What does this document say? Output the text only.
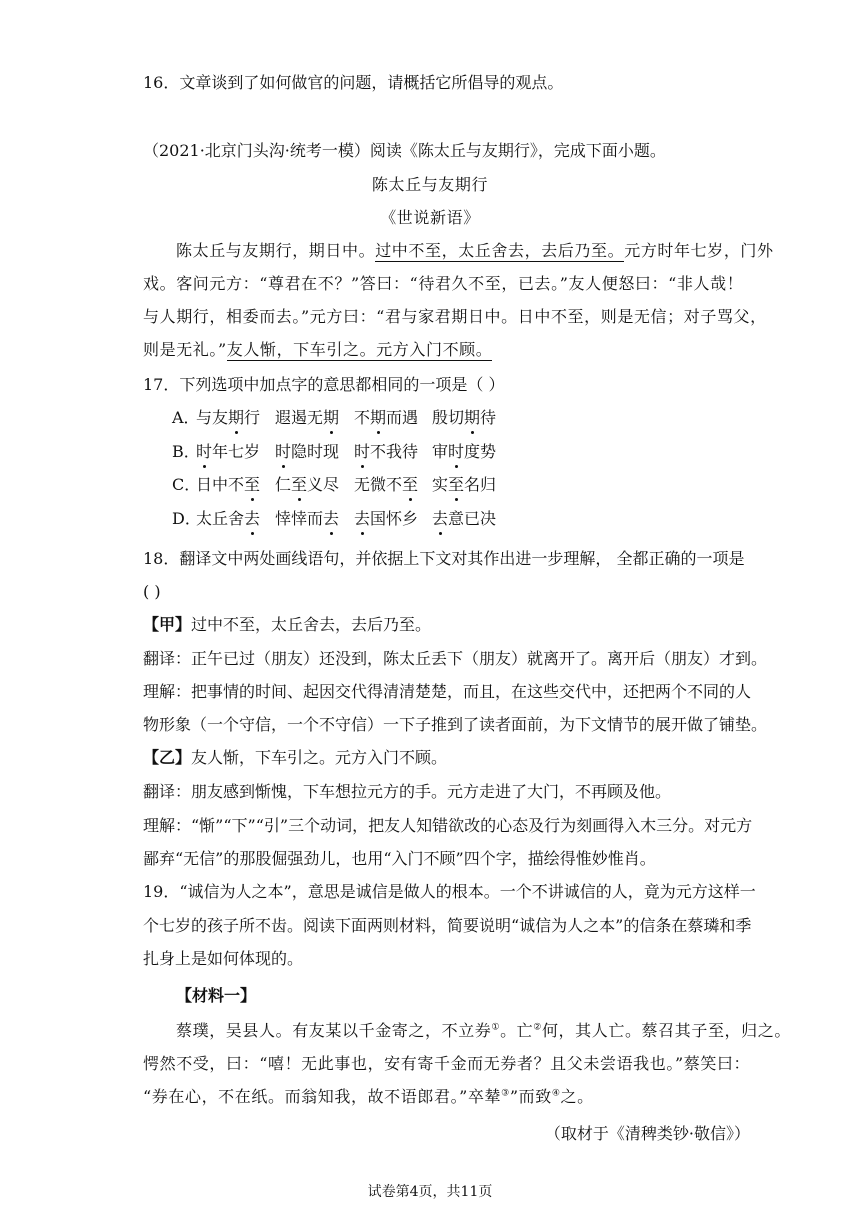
16．文章谈到了如何做官的问题，请概括它所倡导的观点。
（2021·北京门头沟·统考一模）阅读《陈太丘与友期行》，完成下面小题。
陈太丘与友期行
《世说新语》
陈太丘与友期行，期日中。过中不至，太丘舍去，去后乃至。元方时年七岁，门外
戏。客问元方：“尊君在不？”答曰：“待君久不至，已去。”友人便怒曰：“非人哉！
与人期行，相委而去。”元方曰：“君与家君期日中。日中不至，则是无信；对子骂父，
则是无礼。”友人惭，下车引之。元方入门不顾。
17．下列选项中加点字的意思都相同的一项是（ ）
A．
与友期行 遐遏无期 不期而遇 殷切期待
B．
时年七岁 时隐时现 时不我待 审时度势
C．
日中不至 仁至义尽 无微不至 实至名归
D．
太丘舍去 悻悻而去 去国怀乡 去意已决
18．翻译文中两处画线语句，并依据上下文对其作出进一步理解， 全都正确的一项是
( )
【甲】过中不至，太丘舍去，去后乃至。
翻译：正午已过（朋友）还没到，陈太丘丢下（朋友）就离开了。离开后（朋友）才到。
理解：把事情的时间、起因交代得清清楚楚，而且，在这些交代中，还把两个不同的人
物形象（一个守信，一个不守信）一下子推到了读者面前，为下文情节的展开做了铺垫。
【乙】友人惭，下车引之。元方入门不顾。
翻译：朋友感到惭愧，下车想拉元方的手。元方走进了大门，不再顾及他。
理解：“惭”“下”“引”三个动词，把友人知错欲改的心态及行为刻画得入木三分。对元方
鄙弃“无信”的那股倔强劲儿，也用“入门不顾”四个字，描绘得惟妙惟肖。
19．“诚信为人之本”，意思是诚信是做人的根本。一个不讲诚信的人，竟为元方这样一
个七岁的孩子所不齿。阅读下面两则材料，简要说明“诚信为人之本”的信条在蔡璘和季
扎身上是如何体现的。
【材料一】
蔡璞，吴县人。有友某以千金寄之，不立券①。亡②何，其人亡。蔡召其子至，归之。
愕然不受，曰：“嘻！无此事也，安有寄千金而无券者？且父未尝语我也。”蔡笑曰：
“券在心，不在纸。而翁知我，故不语郎君。”卒辇③”而致④之。
（取材于《清稗类钞·敬信》）
试卷第4页，共11页
